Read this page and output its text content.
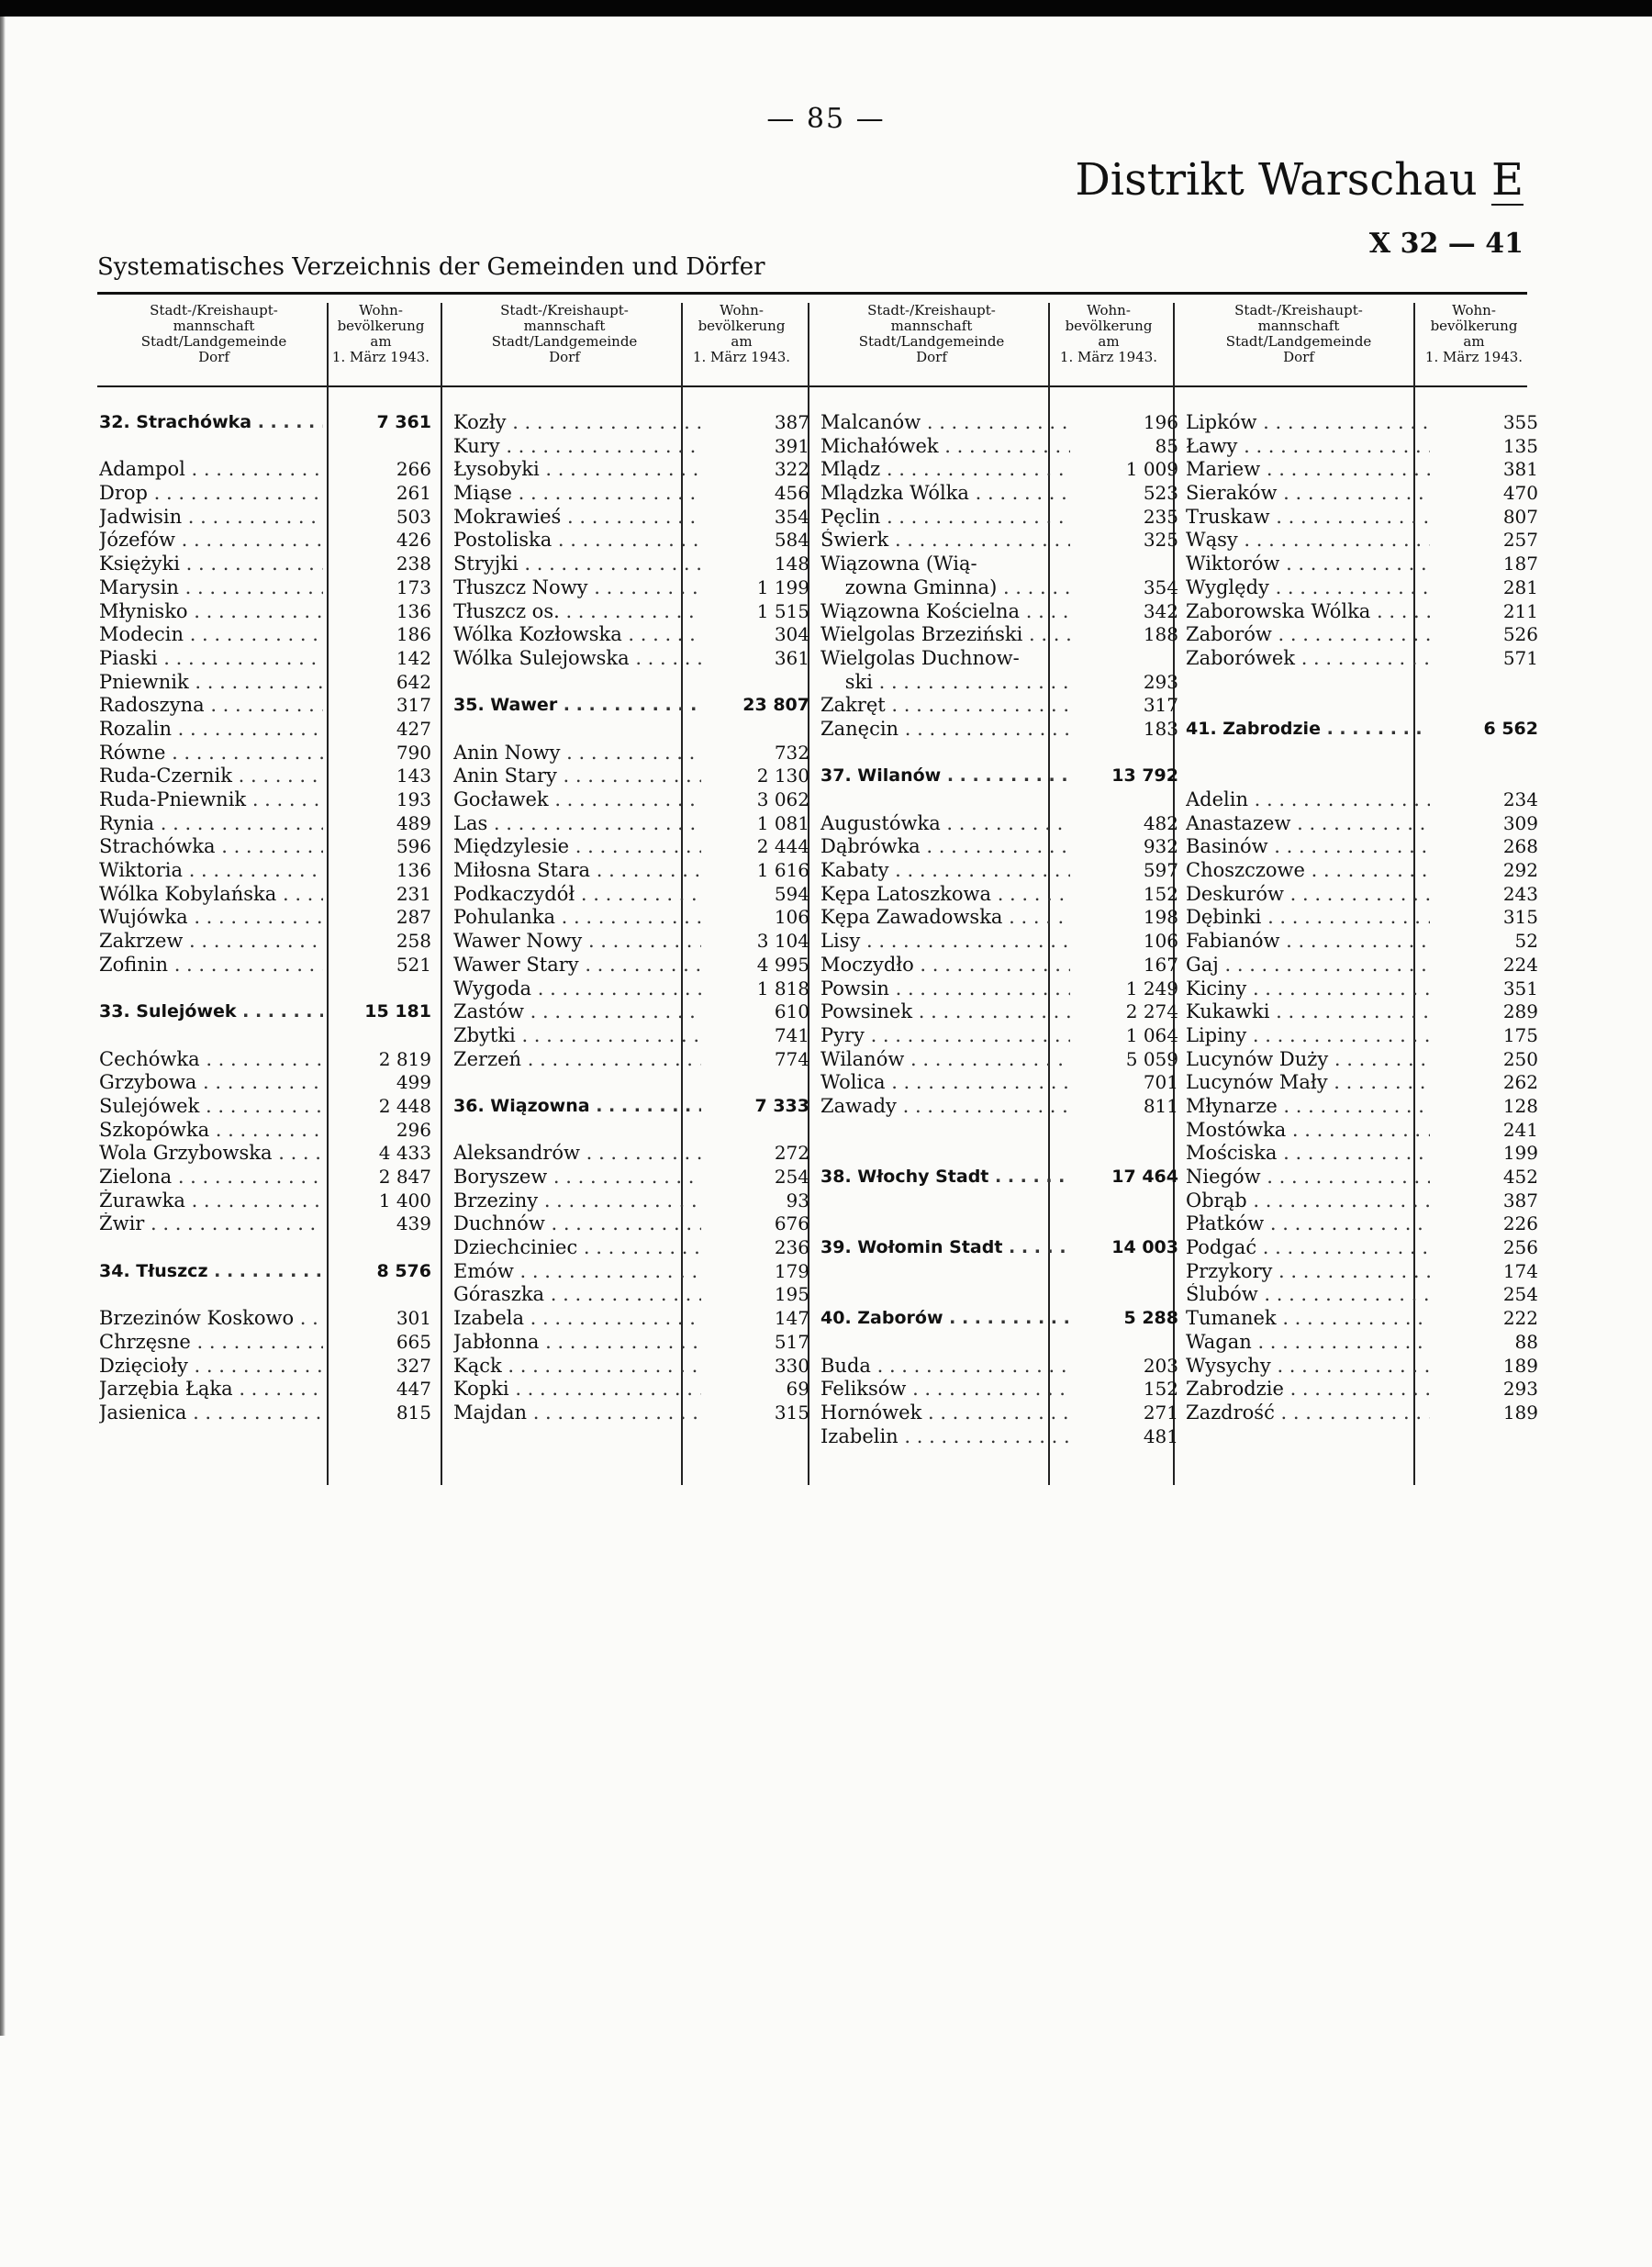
— 85 —
Distrikt Warschau E
X 32 — 41
Systematisches Verzeichnis der Gemeinden und Dörfer
Stadt-/Kreishaupt-
mannschaft
Stadt/Landgemeinde
Dorf
Wohn-
bevölkerung
am
1. März 1943.
Stadt-/Kreishaupt-
mannschaft
Stadt/Landgemeinde
Dorf
Wohn-
bevölkerung
am
1. März 1943.
Stadt-/Kreishaupt-
mannschaft
Stadt/Landgemeinde
Dorf
Wohn-
bevölkerung
am
1. März 1943.
Stadt-/Kreishaupt-
mannschaft
Stadt/Landgemeinde
Dorf
Wohn-
bevölkerung
am
1. März 1943.
32. Strachówka . . .	7 361
Adampol . . .	266
Drop . . .	261
Jadwisin . . .	503
Józefów . . .	426
Księżyki . . .	238
Marysin . . .	173
Młynisko . . .	136
Modecin . . .	186
Piaski . . .	142
Pniewnik . . .	642
Radoszyna . . .	317
Rozalin . . .	427
Równe . . .	790
Ruda-Czernik . . .	143
Ruda-Pniewnik . . .	193
Rynia . . .	489
Strachówka . . .	596
Wiktoria . . .	136
Wólka Kobylańska . . .	231
Wujówka . . .	287
Zakrzew . . .	258
Zofinin . . .	521
33. Sulejówek . . .	15 181
Cechówka . . .	2 819
Grzybowa . . .	499
Sulejówek . . .	2 448
Szkopówka . . .	296
Wola Grzybowska . . .	4 433
Zielona . . .	2 847
Żurawka . . .	1 400
Żwir . . .	439
34. Tłuszcz . . .	8 576
Brzezinów Koskowo . . .	301
Chrzęsne . . .	665
Dzięcioły . . .	327
Jarzębia Łąka . . .	447
Jasienica . . .	815
Kozły . . .	387
Kury . . .	391
Łysobyki . . .	322
Miąse . . .	456
Mokrawieś . . .	354
Postoliska . . .	584
Stryjki . . .	148
Tłuszcz Nowy . . .	1 199
Tłuszcz os. . . .	1 515
Wólka Kozłowska . . .	304
Wólka Sulejowska . . .	361
35. Wawer . . .	23 807
Anin Nowy . . .	732
Anin Stary . . .	2 130
Gocławek . . .	3 062
Las . . .	1 081
Międzylesie . . .	2 444
Miłosna Stara . . .	1 616
Podkaczydół . . .	594
Pohulanka . . .	106
Wawer Nowy . . .	3 104
Wawer Stary . . .	4 995
Wygoda . . .	1 818
Zastów . . .	610
Zbytki . . .	741
Zerzeń . . .	774
36. Wiązowna . . .	7 333
Aleksandrów . . .	272
Boryszew . . .	254
Brzeziny . . .	93
Duchnów . . .	676
Dziechciniec . . .	236
Emów . . .	179
Góraszka . . .	195
Izabela . . .	147
Jabłonna . . .	517
Kąck . . .	330
Kopki . . .	69
Majdan . . .	315
Malcanów . . .	196
Michałówek . . .	85
Mlądz . . .	1 009
Mlądzka Wólka . . .	523
Pęclin . . .	235
Świerk . . .	325
Wiązowna (Wią-
zowna Gminna) . . .	354
Wiązowna Kościelna . . .	342
Wielgolas Brzeziński . . .	188
Wielgolas Duchnow-
ski . . .	293
Zakręt . . .	317
Zanęcin . . .	183
37. Wilanów . . .	13 792
Augustówka . . .	482
Dąbrówka . . .	932
Kabaty . . .	597
Kępa Latoszkowa . . .	152
Kępa Zawadowska . . .	198
Lisy . . .	106
Moczydło . . .	167
Powsin . . .	1 249
Powsinek . . .	2 274
Pyry . . .	1 064
Wilanów . . .	5 059
Wolica . . .	701
Zawady . . .	811
38. Włochy Stadt . . .	17 464
39. Wołomin Stadt . . .	14 003
40. Zaborów . . .	5 288
Buda . . .	203
Feliksów . . .	152
Hornówek . . .	271
Izabelin . . .	481
Lipków . . .	355
Ławy . . .	135
Mariew . . .	381
Sieraków . . .	470
Truskaw . . .	807
Wąsy . . .	257
Wiktorów . . .	187
Wyględy . . .	281
Zaborowska Wólka . . .	211
Zaborów . . .	526
Zaborówek . . .	571
41. Zabrodzie . . .	6 562
Adelin . . .	234
Anastazew . . .	309
Basinów . . .	268
Choszczowe . . .	292
Deskurów . . .	243
Dębinki . . .	315
Fabianów . . .	52
Gaj . . .	224
Kiciny . . .	351
Kukawki . . .	289
Lipiny . . .	175
Lucynów Duży . . .	250
Lucynów Mały . . .	262
Młynarze . . .	128
Mostówka . . .	241
Mościska . . .	199
Niegów . . .	452
Obrąb . . .	387
Płatków . . .	226
Podgać . . .	256
Przykory . . .	174
Ślubów . . .	254
Tumanek . . .	222
Wagan . . .	88
Wysychy . . .	189
Zabrodzie . . .	293
Zazdrość . . .	189
